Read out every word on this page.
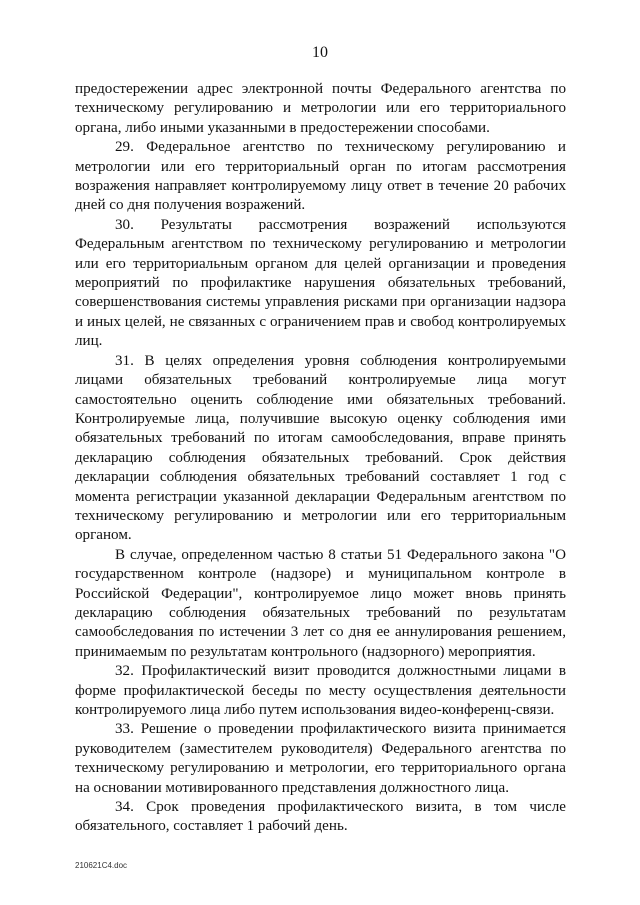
10

предостережении адрес электронной почты Федерального агентства по техническому регулированию и метрологии или его территориального органа, либо иными указанными в предостережении способами.

29. Федеральное агентство по техническому регулированию и метрологии или его территориальный орган по итогам рассмотрения возражения направляет контролируемому лицу ответ в течение 20 рабочих дней со дня получения возражений.

30. Результаты рассмотрения возражений используются Федеральным агентством по техническому регулированию и метрологии или его территориальным органом для целей организации и проведения мероприятий по профилактике нарушения обязательных требований, совершенствования системы управления рисками при организации надзора и иных целей, не связанных с ограничением прав и свобод контролируемых лиц.

31. В целях определения уровня соблюдения контролируемыми лицами обязательных требований контролируемые лица могут самостоятельно оценить соблюдение ими обязательных требований. Контролируемые лица, получившие высокую оценку соблюдения ими обязательных требований по итогам самообследования, вправе принять декларацию соблюдения обязательных требований. Срок действия декларации соблюдения обязательных требований составляет 1 год с момента регистрации указанной декларации Федеральным агентством по техническому регулированию и метрологии или его территориальным органом.

В случае, определенном частью 8 статьи 51 Федерального закона "О государственном контроле (надзоре) и муниципальном контроле в Российской Федерации", контролируемое лицо может вновь принять декларацию соблюдения обязательных требований по результатам самообследования по истечении 3 лет со дня ее аннулирования решением, принимаемым по результатам контрольного (надзорного) мероприятия.

32. Профилактический визит проводится должностными лицами в форме профилактической беседы по месту осуществления деятельности контролируемого лица либо путем использования видео-конференц-связи.

33. Решение о проведении профилактического визита принимается руководителем (заместителем руководителя) Федерального агентства по техническому регулированию и метрологии, его территориального органа на основании мотивированного представления должностного лица.

34. Срок проведения профилактического визита, в том числе обязательного, составляет 1 рабочий день.

210621С4.doc
